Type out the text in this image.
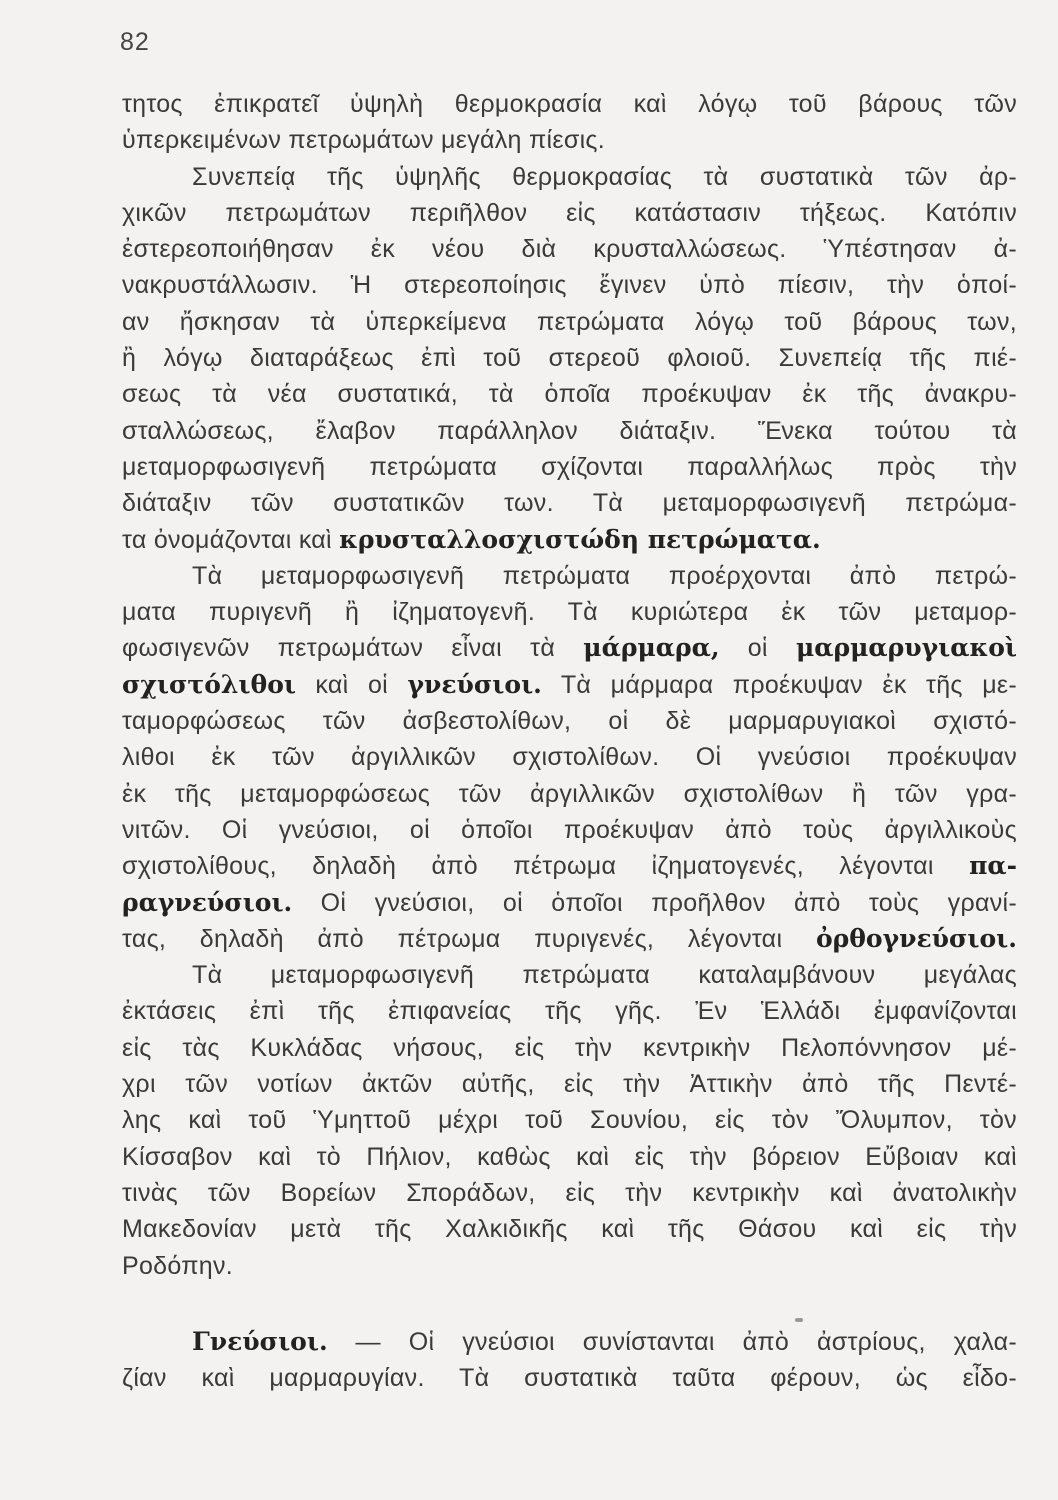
82
τητος ἐπικρατεῖ ὑψηλὴ θερμοκρασία καὶ λόγῳ τοῦ βάρους τῶν
ὑπερκειμένων πετρωμάτων μεγάλη πίεσις.
Συνεπείᾳ τῆς ὑψηλῆς θερμοκρασίας τὰ συστατικὰ τῶν ἀρ-
χικῶν πετρωμάτων περιῆλθον εἰς κατάστασιν τήξεως. Κατόπιν
ἐστερεοποιήθησαν ἐκ νέου διὰ κρυσταλλώσεως. Ὑπέστησαν ἀ-
νακρυστάλλωσιν. Ἡ στερεοποίησις ἔγινεν ὑπὸ πίεσιν, τὴν ὁποί-
αν ἤσκησαν τὰ ὑπερκείμενα πετρώματα λόγῳ τοῦ βάρους των,
ἢ λόγῳ διαταράξεως ἐπὶ τοῦ στερεοῦ φλοιοῦ. Συνεπείᾳ τῆς πιέ-
σεως τὰ νέα συστατικά, τὰ ὁποῖα προέκυψαν ἐκ τῆς ἀνακρυ-
σταλλώσεως, ἔλαβον παράλληλον διάταξιν. Ἕνεκα τούτου τὰ
μεταμορφωσιγενῆ πετρώματα σχίζονται παραλλήλως πρὸς τὴν
διάταξιν τῶν συστατικῶν των. Τὰ μεταμορφωσιγενῆ πετρώμα-
τα ὀνομάζονται καὶ κρυσταλλοσχιστώδη πετρώματα.
Τὰ μεταμορφωσιγενῆ πετρώματα προέρχονται ἀπὸ πετρώ-
ματα πυριγενῆ ἢ ἰζηματογενῆ. Τὰ κυριώτερα ἐκ τῶν μεταμορ-
φωσιγενῶν πετρωμάτων εἶναι τὰ μάρμαρα, οἱ μαρμαρυγιακοὶ
σχιστόλιθοι καὶ οἱ γνεύσιοι. Τὰ μάρμαρα προέκυψαν ἐκ τῆς με-
ταμορφώσεως τῶν ἀσβεστολίθων, οἱ δὲ μαρμαρυγιακοὶ σχιστό-
λιθοι ἐκ τῶν ἀργιλλικῶν σχιστολίθων. Οἱ γνεύσιοι προέκυψαν
ἐκ τῆς μεταμορφώσεως τῶν ἀργιλλικῶν σχιστολίθων ἢ τῶν γρα-
νιτῶν. Οἱ γνεύσιοι, οἱ ὁποῖοι προέκυψαν ἀπὸ τοὺς ἀργιλλικοὺς
σχιστολίθους, δηλαδὴ ἀπὸ πέτρωμα ἰζηματογενές, λέγονται πα-
ραγνεύσιοι. Οἱ γνεύσιοι, οἱ ὁποῖοι προῆλθον ἀπὸ τοὺς γρανί-
τας, δηλαδὴ ἀπὸ πέτρωμα πυριγενές, λέγονται ὀρθογνεύσιοι.
Τὰ μεταμορφωσιγενῆ πετρώματα καταλαμβάνουν μεγάλας
ἐκτάσεις ἐπὶ τῆς ἐπιφανείας τῆς γῆς. Ἐν Ἑλλάδι ἐμφανίζονται
εἰς τὰς Κυκλάδας νήσους, εἰς τὴν κεντρικὴν Πελοπόννησον μέ-
χρι τῶν νοτίων ἀκτῶν αὐτῆς, εἰς τὴν Ἀττικὴν ἀπὸ τῆς Πεντέ-
λης καὶ τοῦ Ὑμηττοῦ μέχρι τοῦ Σουνίου, εἰς τὸν Ὄλυμπον, τὸν
Κίσσαβον καὶ τὸ Πήλιον, καθὼς καὶ εἰς τὴν βόρειον Εὔβοιαν καὶ
τινὰς τῶν Βορείων Σποράδων, εἰς τὴν κεντρικὴν καὶ ἀνατολικὴν
Μακεδονίαν μετὰ τῆς Χαλκιδικῆς καὶ τῆς Θάσου καὶ εἰς τὴν
Ροδόπην.
Γνεύσιοι. — Οἱ γνεύσιοι συνίστανται ἀπὸ ἀστρίους, χαλα-
ζίαν καὶ μαρμαρυγίαν. Τὰ συστατικὰ ταῦτα φέρουν, ὡς εἶδο-
